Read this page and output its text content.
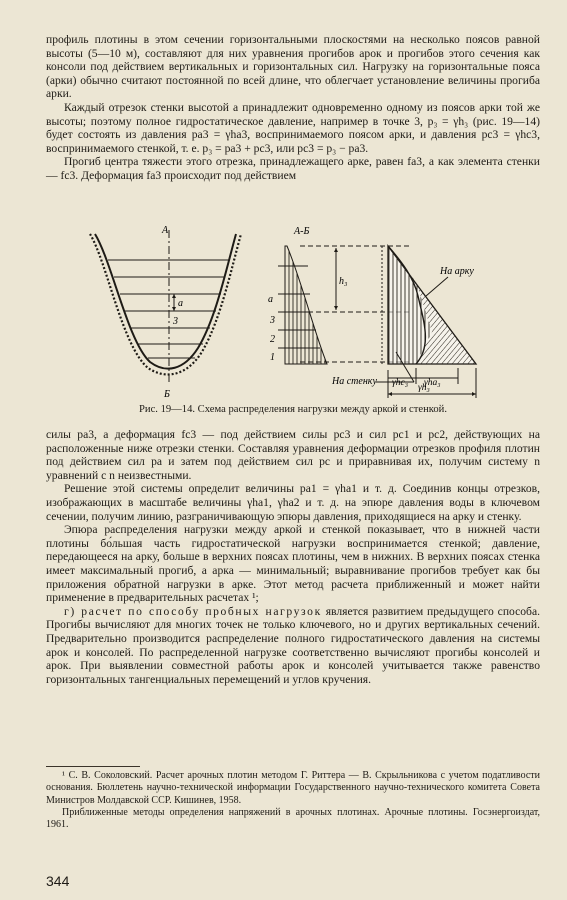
профиль плотины в этом сечении горизонтальными плоскостями на несколько поясов равной высоты (5—10 м), составляют для них уравнения прогибов арок и прогибов этого сечения как консоли под действием вертикальных и горизонтальных сил. Нагрузку на горизонтальные пояса (арки) обычно считают постоянной по всей длине, что облегчает установление величины прогиба арки.

Каждый отрезок стенки высотой a принадлежит одновременно одному из поясов арки той же высоты; поэтому полное гидростатическое давление, например в точке 3, p₃ = γh₃ (рис. 19—14) будет состоять из давления pa3 = γha3, воспринимаемого поясом арки, и давления pc3 = γhc3, воспринимаемого стенкой, т. е. p₃ = pa3 + pc3, или pc3 = p₃ − pa3.

Прогиб центра тяжести этого отрезка, принадлежащего арке, равен fa3, а как элемента стенки — fc3. Деформация fa3 происходит под действием

А
Б
a
3
А-Б
a
3
2
1
h₃
На арку
На стенку γhc₃ γha₃
γh₃

Рис. 19—14. Схема распределения нагрузки между аркой и стенкой.

силы pa3, а деформация fc3 — под действием силы pc3 и сил pc1 и pc2, действующих на расположенные ниже отрезки стенки. Составляя уравнения деформации отрезков профиля плотин под действием сил pa и затем под действием сил pc и приравнивая их, получим систему n уравнений с n неизвестными.

Решение этой системы определит величины pa1 = γha1 и т. д. Соединив концы отрезков, изображающих в масштабе величины γha1, γha2 и т. д. на эпюре давления воды в ключевом сечении, получим линию, разграничивающую эпюры давления, приходящиеся на арку и стенку.

Эпюра распределения нагрузки между аркой и стенкой показывает, что в нижней части плотины бо́льшая часть гидростатической нагрузки воспринимается стенкой; давление, передающееся на арку, больше в верхних поясах плотины, чем в нижних. В верхних поясах стенка имеет максимальный прогиб, а арка — минимальный; выравнивание прогибов требует как бы приложения обратной нагрузки в арке. Этот метод расчета приближенный и может найти применение в предварительных расчетах ¹;

г) расчет по способу пробных нагрузок является развитием предыдущего способа. Прогибы вычисляют для многих точек не только ключевого, но и других вертикальных сечений. Предварительно производится распределение полного гидростатического давления на системы арок и консолей. По распределенной нагрузке соответственно вычисляют прогибы консолей и арок. При выявлении совместной работы арок и консолей учитывается также равенство горизонтальных тангенциальных перемещений и углов кручения.

¹ С. В. Соколовский. Расчет арочных плотин методом Г. Риттера — В. Скрыльникова с учетом податливости основания. Бюллетень научно-технической информации Государственного научно-технического комитета Совета Министров Молдавской ССР. Кишинев, 1958.

Приближенные методы определения напряжений в арочных плотинах. Арочные плотины. Госэнергоиздат, 1961.

344
